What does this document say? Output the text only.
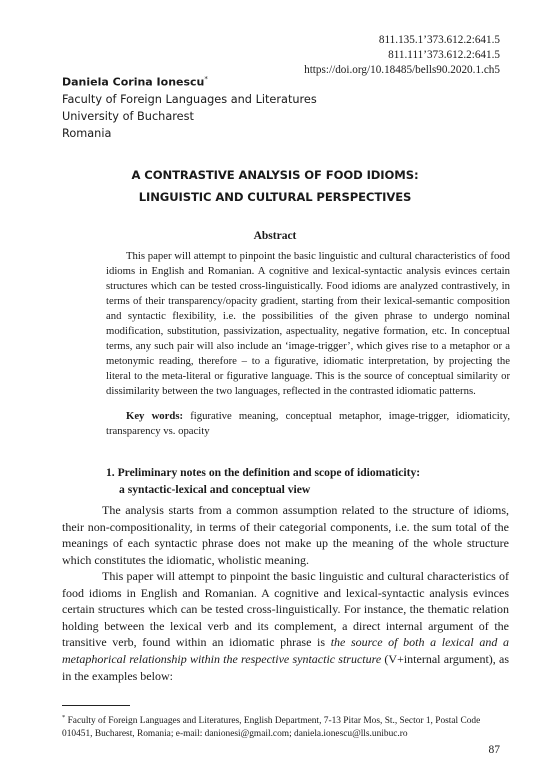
811.135.1’373.612.2:641.5
811.111’373.612.2:641.5
https://doi.org/10.18485/bells90.2020.1.ch5
Daniela Corina Ionescu*
Faculty of Foreign Languages and Literatures
University of Bucharest
Romania
A CONTRASTIVE ANALYSIS OF FOOD IDIOMS:
LINGUISTIC AND CULTURAL PERSPECTIVES
Abstract

This paper will attempt to pinpoint the basic linguistic and cultural characteristics of food idioms in English and Romanian. A cognitive and lexical-syntactic analysis evinces certain structures which can be tested cross-linguistically. Food idioms are analyzed contrastively, in terms of their transparency/opacity gradient, starting from their lexical-semantic composition and syntactic flexibility, i.e. the possibilities of the given phrase to undergo nominal modification, substitution, passivization, aspectuality, negative formation, etc. In conceptual terms, any such pair will also include an ‘image-trigger’, which gives rise to a metaphor or a metonymic reading, therefore – to a figurative, idiomatic interpretation, by projecting the literal to the meta-literal or figurative language. This is the source of conceptual similarity or dissimilarity between the two languages, reflected in the contrasted idiomatic patterns.

Key words: figurative meaning, conceptual metaphor, image-trigger, idiomaticity, transparency vs. opacity

1. Preliminary notes on the definition and scope of idiomaticity:
a syntactic-lexical and conceptual view

The analysis starts from a common assumption related to the structure of idioms, their non-compositionality, in terms of their categorial components, i.e. the sum total of the meanings of each syntactic phrase does not make up the meaning of the whole structure which constitutes the idiomatic, wholistic meaning.

This paper will attempt to pinpoint the basic linguistic and cultural characteristics of food idioms in English and Romanian. A cognitive and lexical-syntactic analysis evinces certain structures which can be tested cross-linguistically. For instance, the thematic relation holding between the lexical verb and its complement, a direct internal argument of the transitive verb, found within an idiomatic phrase is the source of both a lexical and a metaphorical relationship within the respective syntactic structure (V+internal argument), as in the examples below:

* Faculty of Foreign Languages and Literatures, English Department, 7-13 Pitar Mos, St., Sector 1, Postal Code 010451, Bucharest, Romania; e-mail: danionesi@gmail.com; daniela.ionescu@lls.unibuc.ro

87
